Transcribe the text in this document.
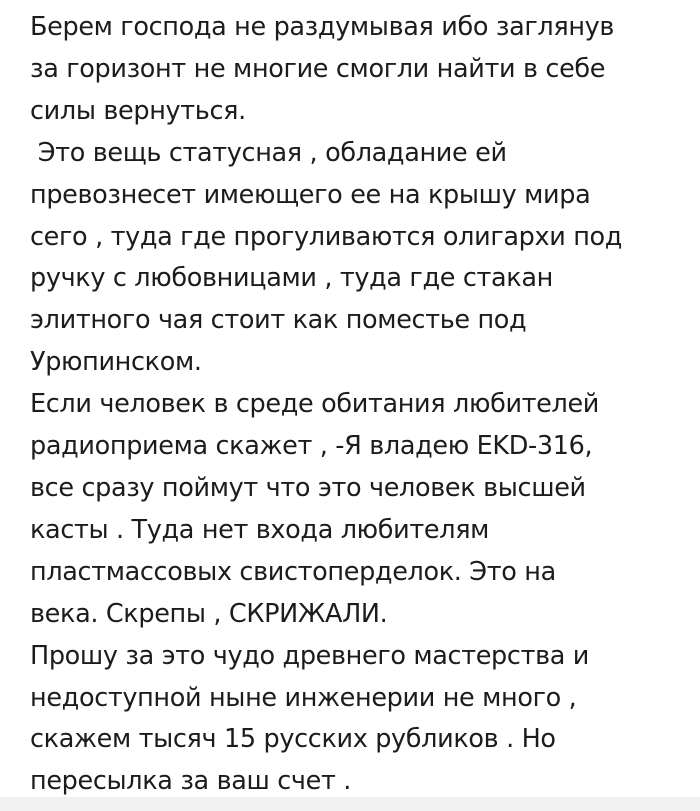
Берем господа не раздумывая ибо заглянув
за горизонт не многие смогли найти в себе
силы вернуться.
Это вещь статусная , обладание ей
превознесет имеющего ее на крышу мира
сего , туда где прогуливаются олигархи под
ручку с любовницами , туда где стакан
элитного чая стоит как поместье под
Урюпинском.
Если человек в среде обитания любителей
радиоприема скажет , -Я владею EKD-316,
все сразу поймут что это человек высшей
касты . Туда нет входа любителям
пластмассовых свистоперделок. Это на
века. Скрепы , СКРИЖАЛИ.
Прошу за это чудо древнего мастерства и
недоступной ныне инженерии не много ,
скажем тысяч 15 русских рубликов . Но
пересылка за ваш счет .
